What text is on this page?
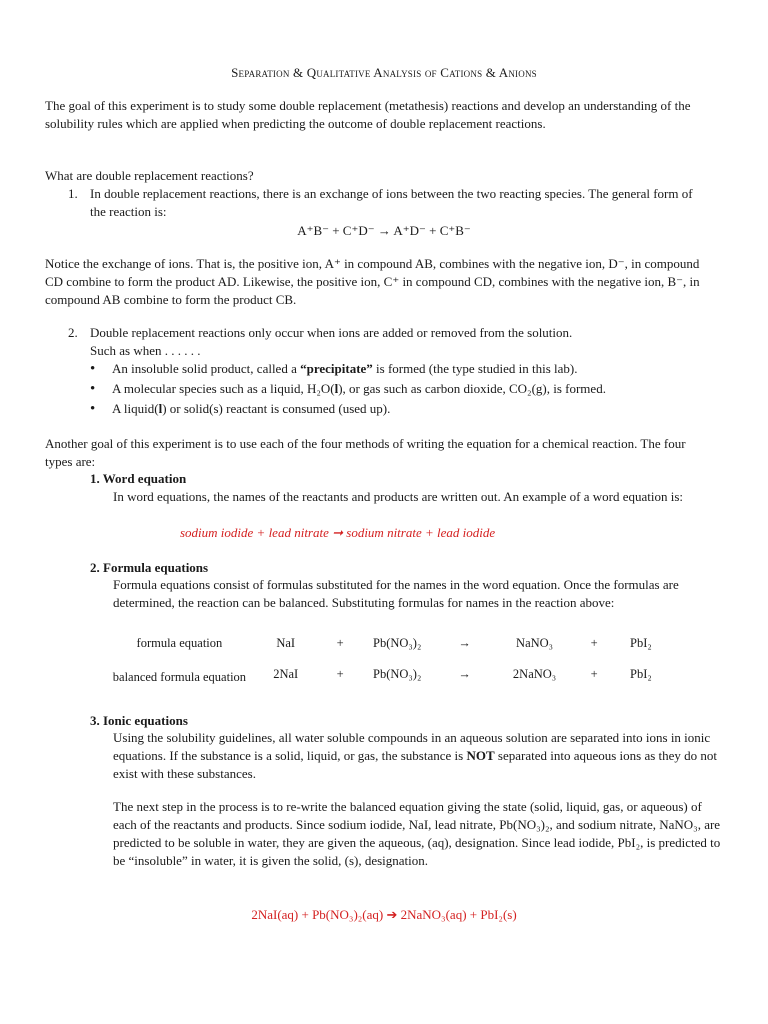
Separation & Qualitative Analysis of Cations & Anions
The goal of this experiment is to study some double replacement (metathesis) reactions and develop an understanding of the solubility rules which are applied when predicting the outcome of double replacement reactions.
What are double replacement reactions?
1. In double replacement reactions, there is an exchange of ions between the two reacting species. The general form of the reaction is:
A⁺B⁻ + C⁺D⁻ → A⁺D⁻ + C⁺B⁻
Notice the exchange of ions. That is, the positive ion, A⁺ in compound AB, combines with the negative ion, D⁻, in compound CD combine to form the product AD. Likewise, the positive ion, C⁺ in compound CD, combines with the negative ion, B⁻, in compound AB combine to form the product CB.
2. Double replacement reactions only occur when ions are added or removed from the solution.
Such as when . . . . . .
• An insoluble solid product, called a “precipitate” is formed (the type studied in this lab).
• A molecular species such as a liquid, H₂O(l), or gas such as carbon dioxide, CO₂(g), is formed.
• A liquid(l) or solid(s) reactant is consumed (used up).
Another goal of this experiment is to use each of the four methods of writing the equation for a chemical reaction. The four types are:
1. Word equation
In word equations, the names of the reactants and products are written out. An example of a word equation is:
sodium iodide + lead nitrate ➞ sodium nitrate + lead iodide
2. Formula equations
Formula equations consist of formulas substituted for the names in the word equation. Once the formulas are determined, the reaction can be balanced. Substituting formulas for names in the reaction above:
formula equation	NaI	+	Pb(NO₃)₂	→	NaNO₃	+	PbI₂
balanced formula equation	2NaI	+	Pb(NO₃)₂	→	2NaNO₃	+	PbI₂
3. Ionic equations
Using the solubility guidelines, all water soluble compounds in an aqueous solution are separated into ions in ionic equations. If the substance is a solid, liquid, or gas, the substance is NOT separated into aqueous ions as they do not exist with these substances.
The next step in the process is to re-write the balanced equation giving the state (solid, liquid, gas, or aqueous) of each of the reactants and products. Since sodium iodide, NaI, lead nitrate, Pb(NO₃)₂, and sodium nitrate, NaNO₃, are predicted to be soluble in water, they are given the aqueous, (aq), designation. Since lead iodide, PbI₂, is predicted to be “insoluble” in water, it is given the solid, (s), designation.
2NaI(aq) + Pb(NO₃)₂(aq) ➔ 2NaNO₃(aq) + PbI₂(s)
